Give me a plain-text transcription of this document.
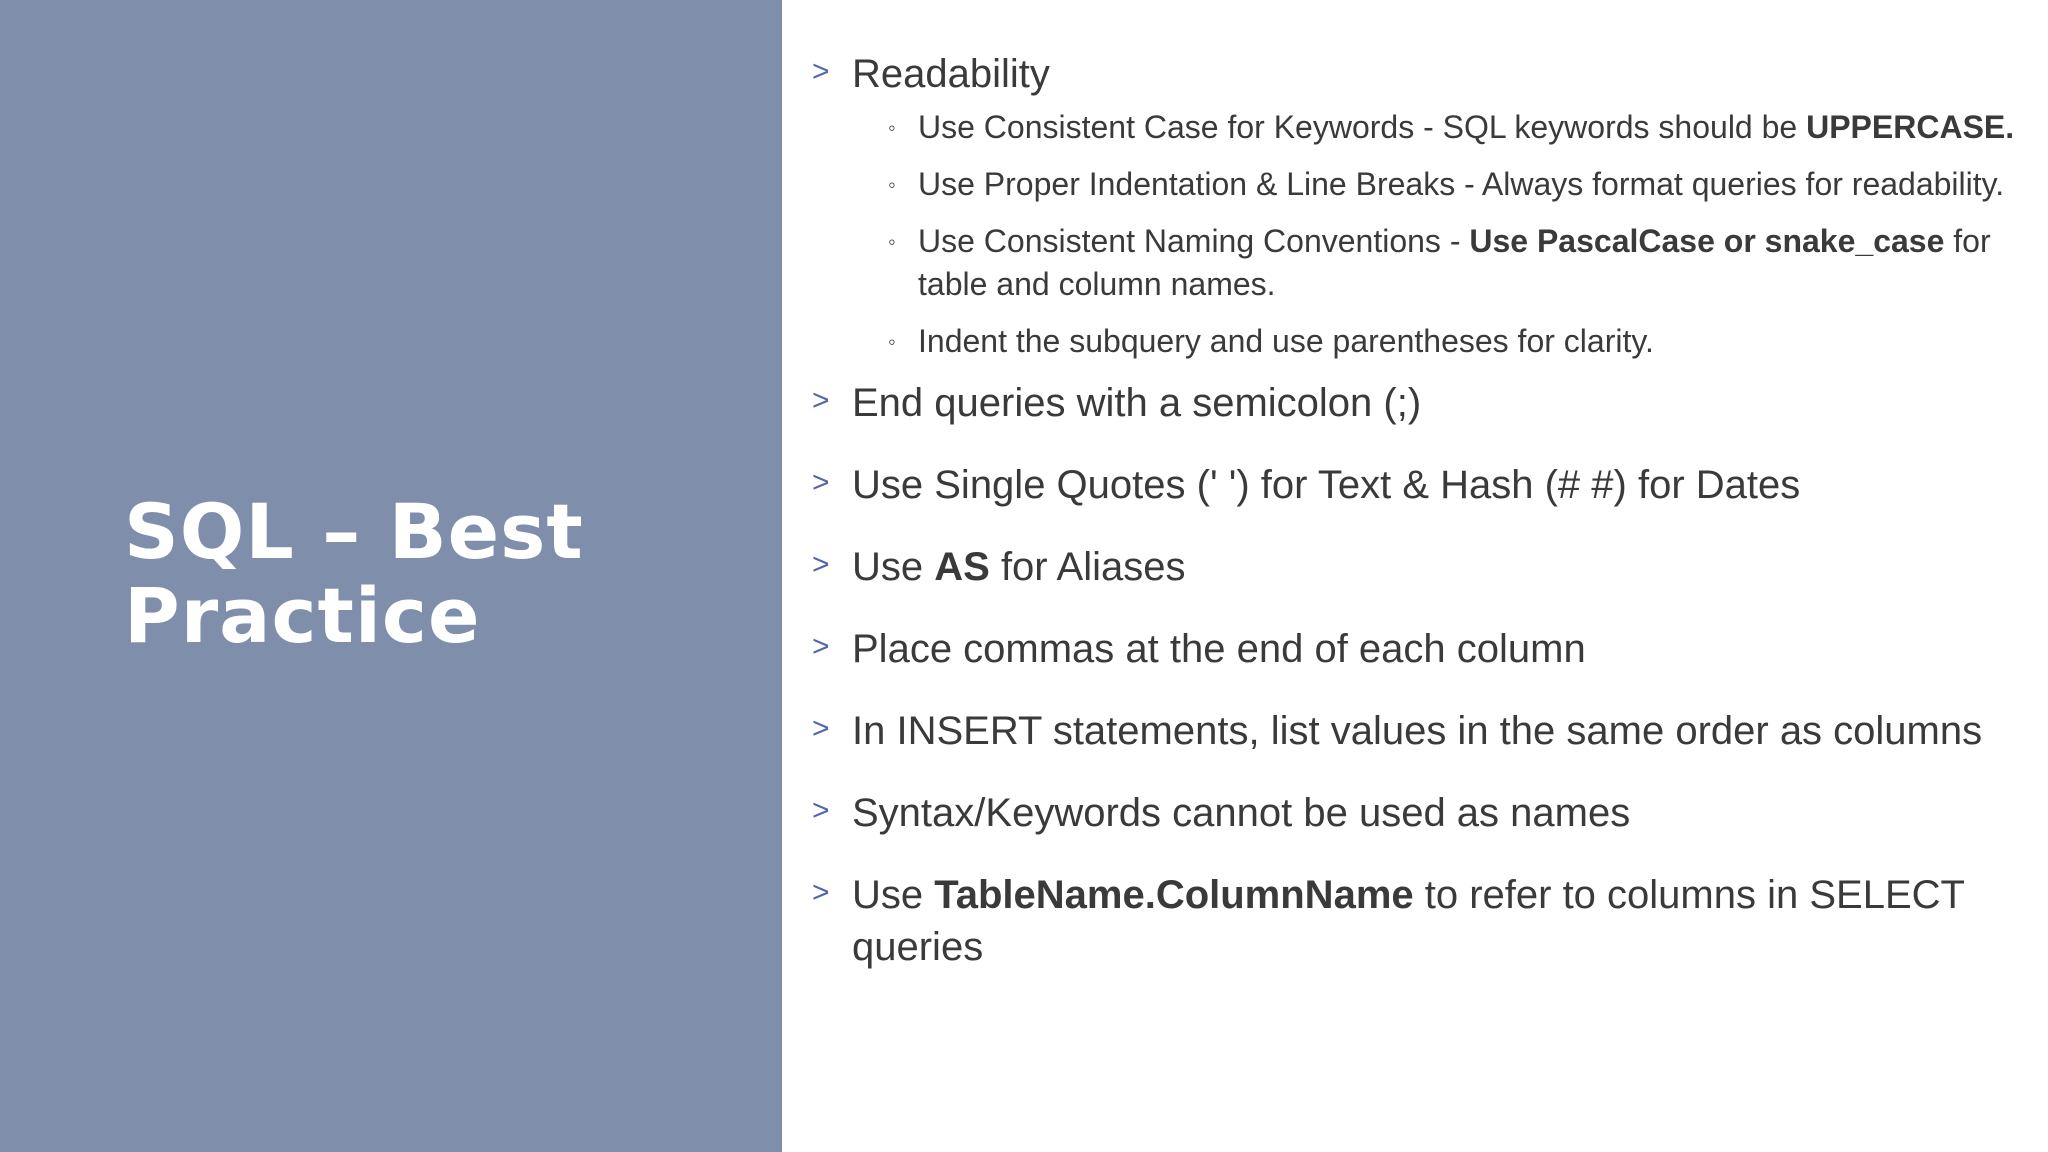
SQL – Best
Practice
> Readability
◦ Use Consistent Case for Keywords - SQL keywords should be UPPERCASE.
◦ Use Proper Indentation & Line Breaks - Always format queries for readability.
◦ Use Consistent Naming Conventions - Use PascalCase or snake_case for table and column names.
◦ Indent the subquery and use parentheses for clarity.
> End queries with a semicolon (;)
> Use Single Quotes (' ') for Text & Hash (# #) for Dates
> Use AS for Aliases
> Place commas at the end of each column
> In INSERT statements, list values in the same order as columns
> Syntax/Keywords cannot be used as names
> Use TableName.ColumnName to refer to columns in SELECT queries
